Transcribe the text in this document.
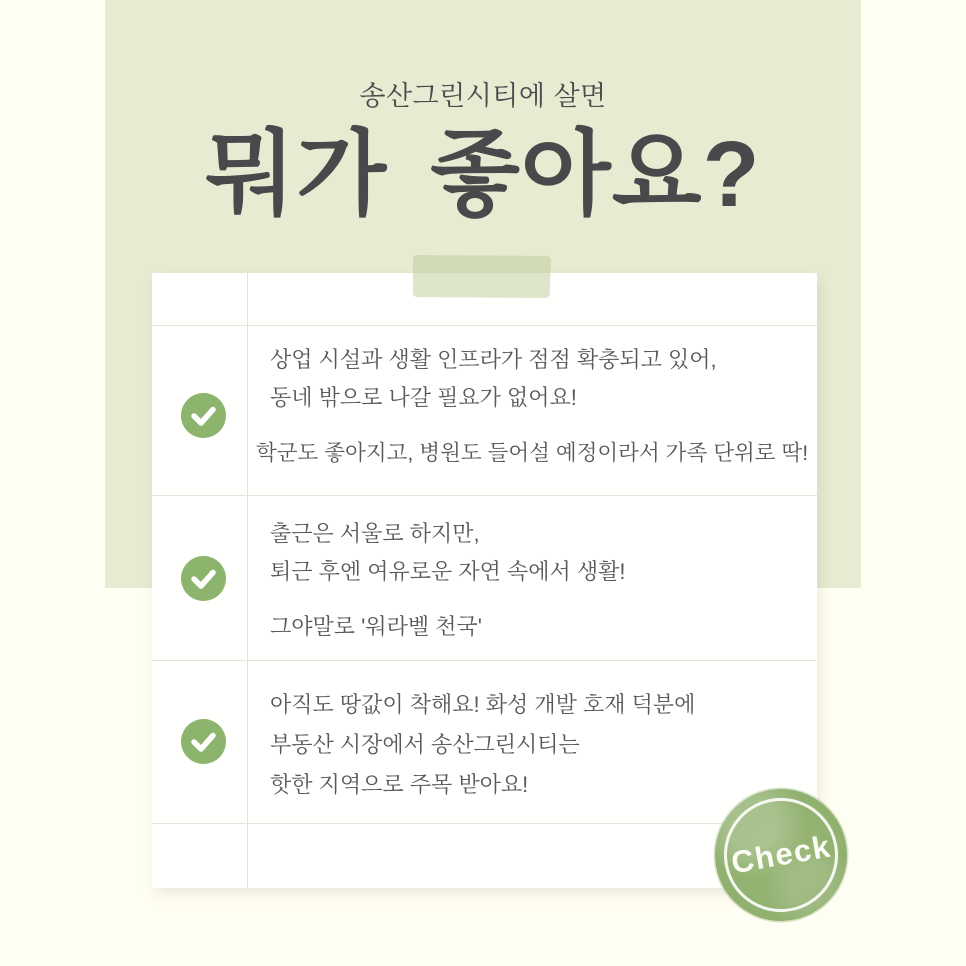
송산그린시티에 살면
뭐가 좋아요?

상업 시설과 생활 인프라가 점점 확충되고 있어,

동네 밖으로 나갈 필요가 없어요!

학군도 좋아지고, 병원도 들어설 예정이라서 가족 단위로 딱!

출근은 서울로 하지만,

퇴근 후엔 여유로운 자연 속에서 생활!

그야말로 '워라벨 천국'

아직도 땅값이 착해요! 화성 개발 호재 덕분에

부동산 시장에서 송산그린시티는

핫한 지역으로 주목 받아요!

Check
